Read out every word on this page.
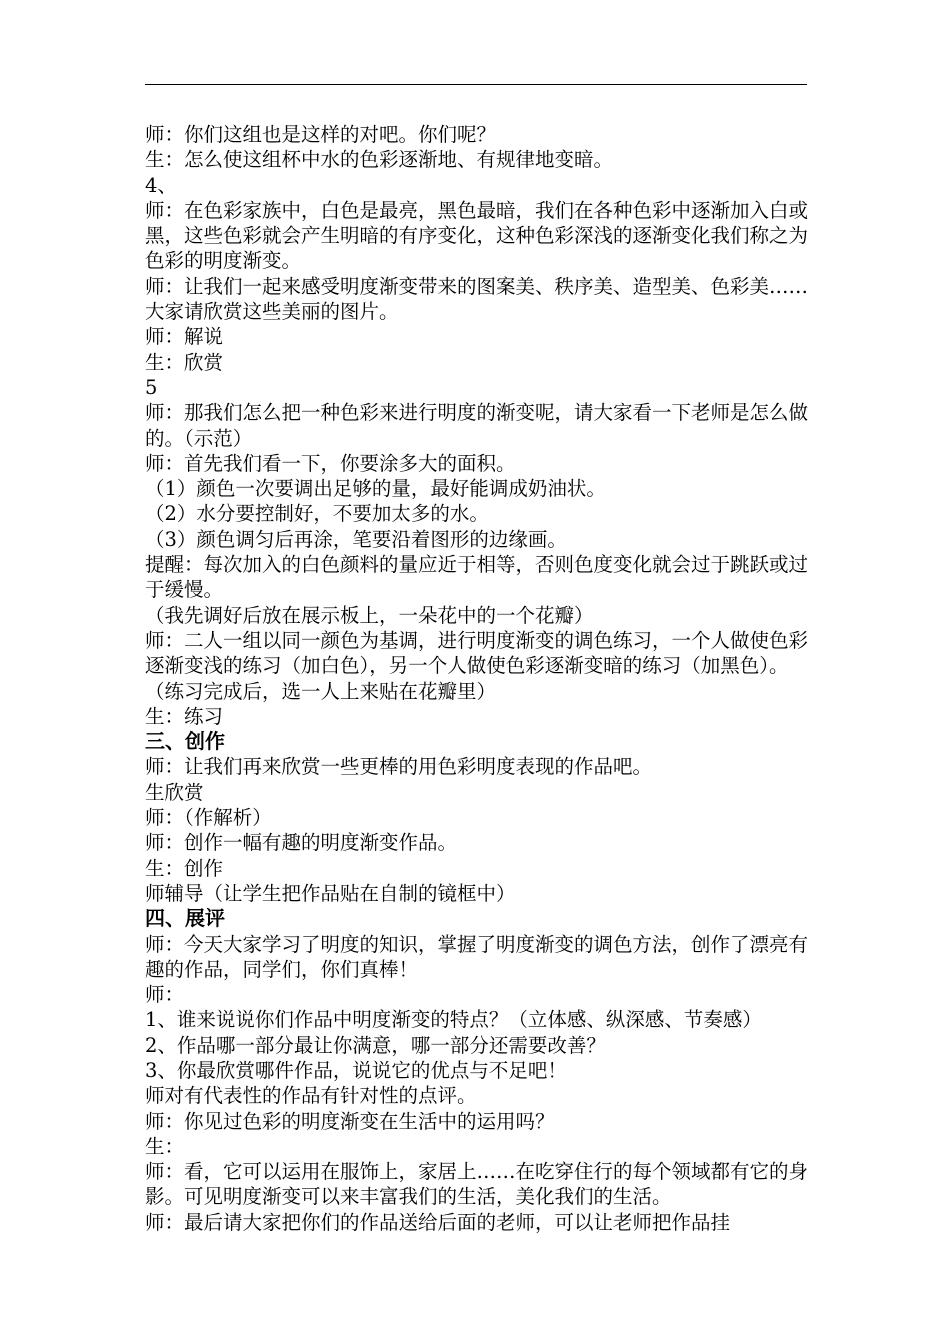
师：你们这组也是这样的对吧。你们呢？

生：怎么使这组杯中水的色彩逐渐地、有规律地变暗。

4、

师：在色彩家族中，白色是最亮，黑色最暗，我们在各种色彩中逐渐加入白或黑，这些色彩就会产生明暗的有序变化，这种色彩深浅的逐渐变化我们称之为色彩的明度渐变。

师：让我们一起来感受明度渐变带来的图案美、秩序美、造型美、色彩美……大家请欣赏这些美丽的图片。

师：解说

生：欣赏

5

师：那我们怎么把一种色彩来进行明度的渐变呢，请大家看一下老师是怎么做的。（示范）

师：首先我们看一下，你要涂多大的面积。

（1）颜色一次要调出足够的量，最好能调成奶油状。

（2）水分要控制好，不要加太多的水。

（3）颜色调匀后再涂，笔要沿着图形的边缘画。

提醒：每次加入的白色颜料的量应近于相等，否则色度变化就会过于跳跃或过于缓慢。

（我先调好后放在展示板上，一朵花中的一个花瓣）

师：二人一组以同一颜色为基调，进行明度渐变的调色练习，一个人做使色彩逐渐变浅的练习（加白色），另一个人做使色彩逐渐变暗的练习（加黑色）。（练习完成后，选一人上来贴在花瓣里）

生：练习

三、创作

师：让我们再来欣赏一些更棒的用色彩明度表现的作品吧。

生欣赏

师：（作解析）

师：创作一幅有趣的明度渐变作品。

生：创作

师辅导（让学生把作品贴在自制的镜框中）

四、展评

师：今天大家学习了明度的知识，掌握了明度渐变的调色方法，创作了漂亮有趣的作品，同学们，你们真棒！

师：

1、谁来说说你们作品中明度渐变的特点？（立体感、纵深感、节奏感）

2、作品哪一部分最让你满意，哪一部分还需要改善？

3、你最欣赏哪件作品，说说它的优点与不足吧！

师对有代表性的作品有针对性的点评。

师：你见过色彩的明度渐变在生活中的运用吗？

生：

师：看，它可以运用在服饰上，家居上……在吃穿住行的每个领域都有它的身影。可见明度渐变可以来丰富我们的生活，美化我们的生活。

师：最后请大家把你们的作品送给后面的老师，可以让老师把作品挂
